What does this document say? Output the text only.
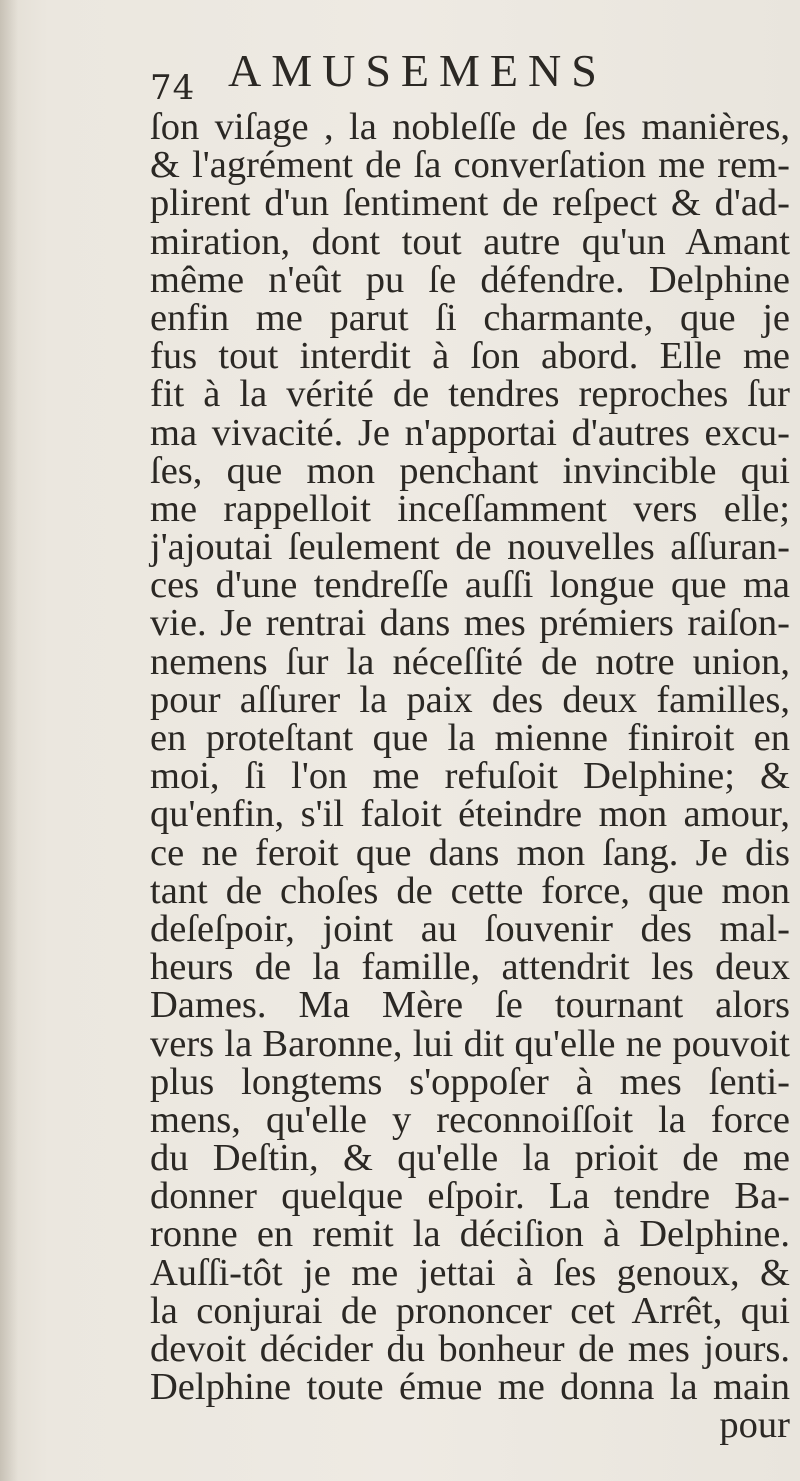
74 AMUSEMENS
ſon viſage , la nobleſſe de ſes manières,
& l'agrément de ſa converſation me rem-
plirent d'un ſentiment de reſpect & d'ad-
miration, dont tout autre qu'un Amant
même n'eût pu ſe défendre. Delphine
enfin me parut ſi charmante, que je
fus tout interdit à ſon abord. Elle me
fit à la vérité de tendres reproches ſur
ma vivacité. Je n'apportai d'autres excu-
ſes, que mon penchant invincible qui
me rappelloit inceſſamment vers elle;
j'ajoutai ſeulement de nouvelles aſſuran-
ces d'une tendreſſe auſſi longue que ma
vie. Je rentrai dans mes prémiers raiſon-
nemens ſur la néceſſité de notre union,
pour aſſurer la paix des deux familles,
en proteſtant que la mienne finiroit en
moi, ſi l'on me refuſoit Delphine; &
qu'enfin, s'il faloit éteindre mon amour,
ce ne feroit que dans mon ſang. Je dis
tant de choſes de cette force, que mon
deſeſpoir, joint au ſouvenir des mal-
heurs de la famille, attendrit les deux
Dames. Ma Mère ſe tournant alors
vers la Baronne, lui dit qu'elle ne pouvoit
plus longtems s'oppoſer à mes ſenti-
mens, qu'elle y reconnoiſſoit la force
du Deſtin, & qu'elle la prioit de me
donner quelque eſpoir. La tendre Ba-
ronne en remit la déciſion à Delphine.
Auſſi-tôt je me jettai à ſes genoux, &
la conjurai de prononcer cet Arrêt, qui
devoit décider du bonheur de mes jours.
Delphine toute émue me donna la main
pour
